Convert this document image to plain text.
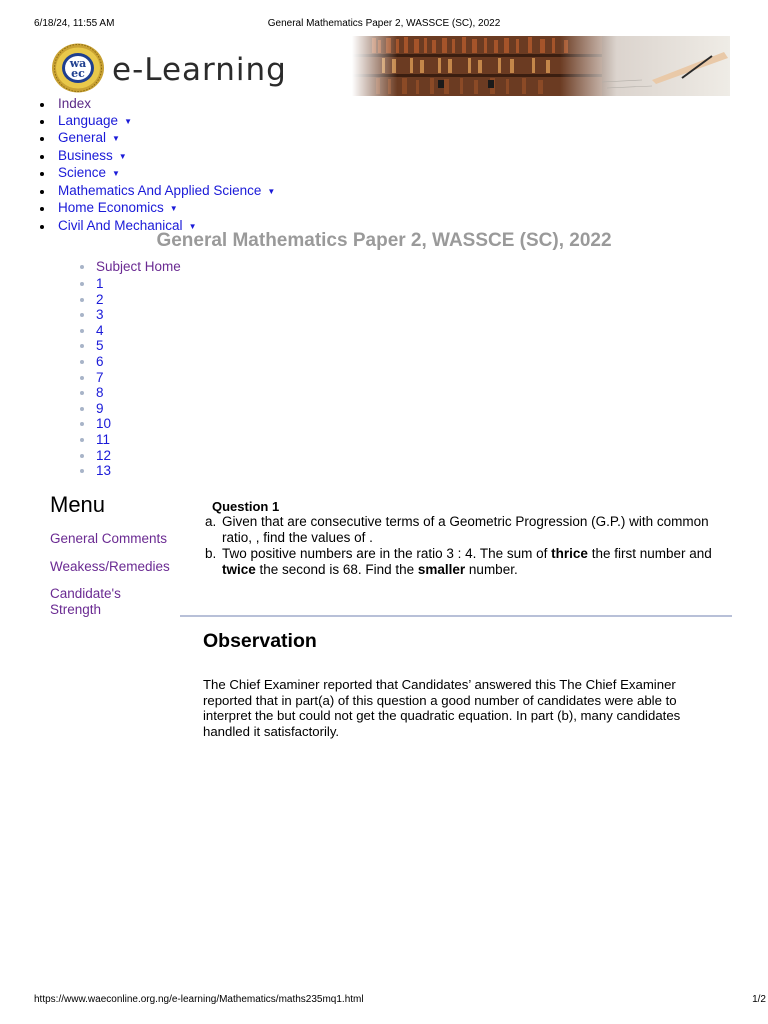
6/18/24, 11:55 AM	General Mathematics Paper 2, WASSCE (SC), 2022
wa
ec e-Learning
Index
Language ▼
General ▼
Business ▼
Science ▼
Mathematics And Applied Science ▼
Home Economics ▼
Civil And Mechanical ▼
General Mathematics Paper 2, WASSCE (SC), 2022
Subject Home
1
2
3
4
5
6
7
8
9
10
11
12
13
Menu
General Comments
Weakess/Remedies
Candidate's
Strength
Question 1
a. Given that are consecutive terms of a Geometric Progression (G.P.) with common
ratio, , find the values of .
b. Two positive numbers are in the ratio 3 : 4. The sum of thrice the first number and
twice the second is 68. Find the smaller number.
Observation
The Chief Examiner reported that Candidates’ answered this The Chief Examiner reported that in part(a) of this question a good number of candidates were able to interpret the but could not get the quadratic equation. In part (b), many candidates handled it satisfactorily.
https://www.waeconline.org.ng/e-learning/Mathematics/maths235mq1.html	1/2
